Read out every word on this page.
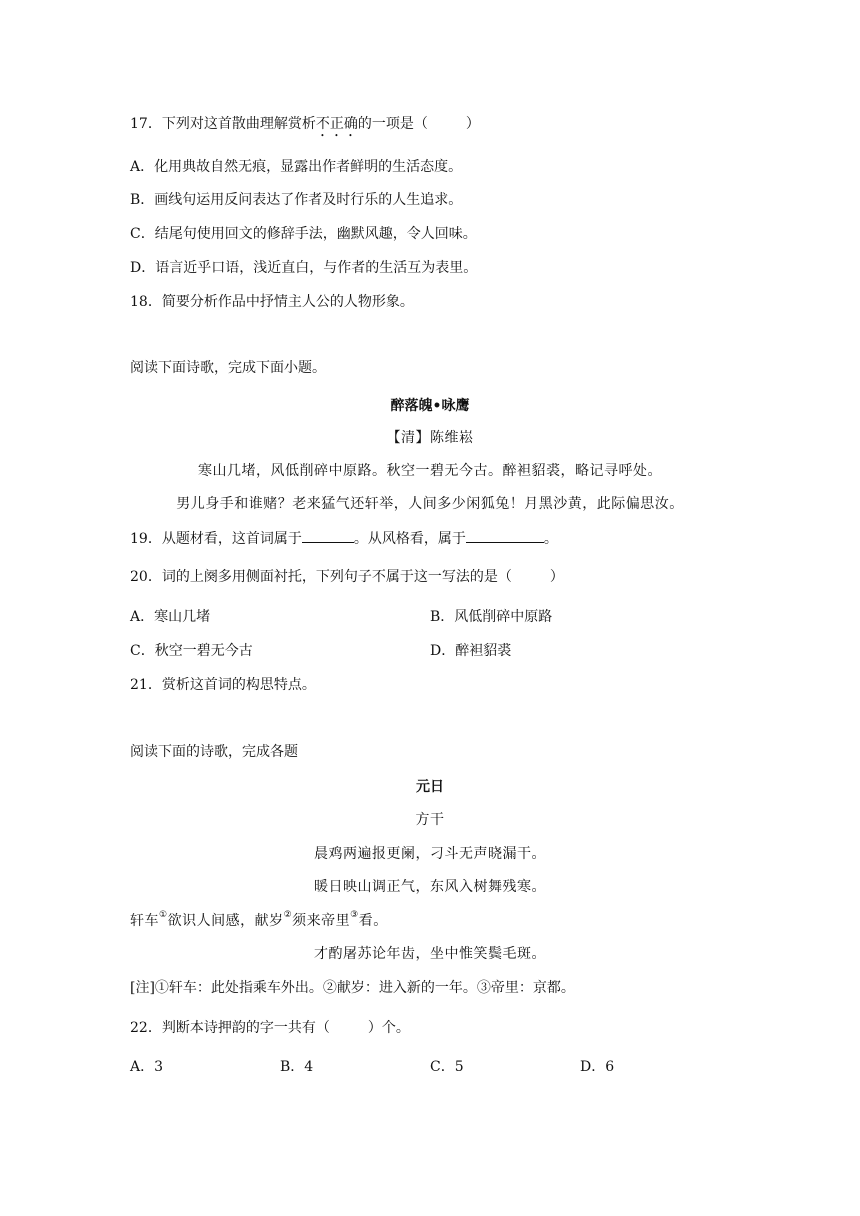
17．下列对这首散曲理解赏析不正确的一项是（	）
A．化用典故自然无痕，显露出作者鲜明的生活态度。
B．画线句运用反问表达了作者及时行乐的人生追求。
C．结尾句使用回文的修辞手法，幽默风趣，令人回味。
D．语言近乎口语，浅近直白，与作者的生活互为表里。
18．简要分析作品中抒情主人公的人物形象。
阅读下面诗歌，完成下面小题。
醉落魄•咏鹰
【清】陈维崧
寒山几堵，风低削碎中原路。秋空一碧无今古。醉袒貂裘，略记寻呼处。
男儿身手和谁赌？老来猛气还轩举，人间多少闲狐兔！月黑沙黄，此际偏思汝。
19．从题材看，这首词属于	。从风格看，属于	。
20．词的上阕多用侧面衬托，下列句子不属于这一写法的是（	）
A．寒山几堵	B．风低削碎中原路
C．秋空一碧无今古	D．醉袒貂裘
21．赏析这首词的构思特点。
阅读下面的诗歌，完成各题
元日
方干
晨鸡两遍报更阑，刁斗无声晓漏干。
暖日映山调正气，东风入树舞残寒。
轩车①欲识人间感，献岁②须来帝里③看。
才酌屠苏论年齿，坐中惟笑鬓毛斑。
[注]①轩车：此处指乘车外出。②献岁：进入新的一年。③帝里：京都。
22．判断本诗押韵的字一共有（	）个。
A．3	B．4	C．5	D．6
